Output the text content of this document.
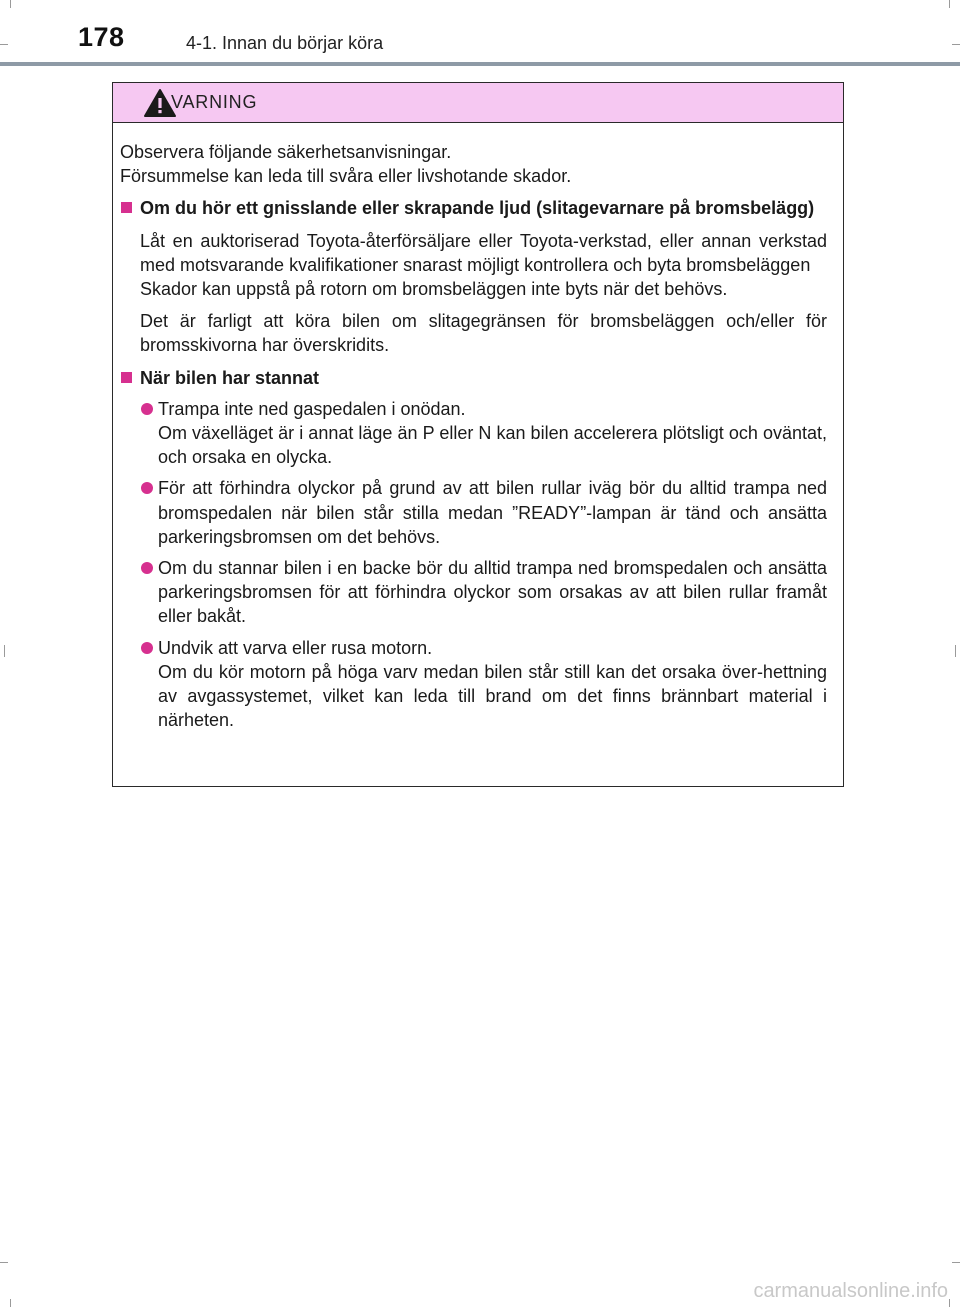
178	4-1. Innan du börjar köra
VARNING

Observera följande säkerhetsanvisningar.

Försummelse kan leda till svåra eller livshotande skador.

Om du hör ett gnisslande eller skrapande ljud (slitagevarnare på bromsbelägg)

Låt en auktoriserad Toyota-återförsäljare eller Toyota-verkstad, eller annan verkstad med motsvarande kvalifikationer snarast möjligt kontrollera och byta bromsbeläggen

Skador kan uppstå på rotorn om bromsbeläggen inte byts när det behövs.

Det är farligt att köra bilen om slitagegränsen för bromsbeläggen och/eller för bromsskivorna har överskridits.

När bilen har stannat

Trampa inte ned gaspedalen i onödan.

Om växelläget är i annat läge än P eller N kan bilen accelerera plötsligt och oväntat, och orsaka en olycka.

För att förhindra olyckor på grund av att bilen rullar iväg bör du alltid trampa ned bromspedalen när bilen står stilla medan ”READY”-lampan är tänd och ansätta parkeringsbromsen om det behövs.

Om du stannar bilen i en backe bör du alltid trampa ned bromspedalen och ansätta parkeringsbromsen för att förhindra olyckor som orsakas av att bilen rullar framåt eller bakåt.

Undvik att varva eller rusa motorn.

Om du kör motorn på höga varv medan bilen står still kan det orsaka över-hettning av avgassystemet, vilket kan leda till brand om det finns brännbart material i närheten.

carmanualsonline.info
